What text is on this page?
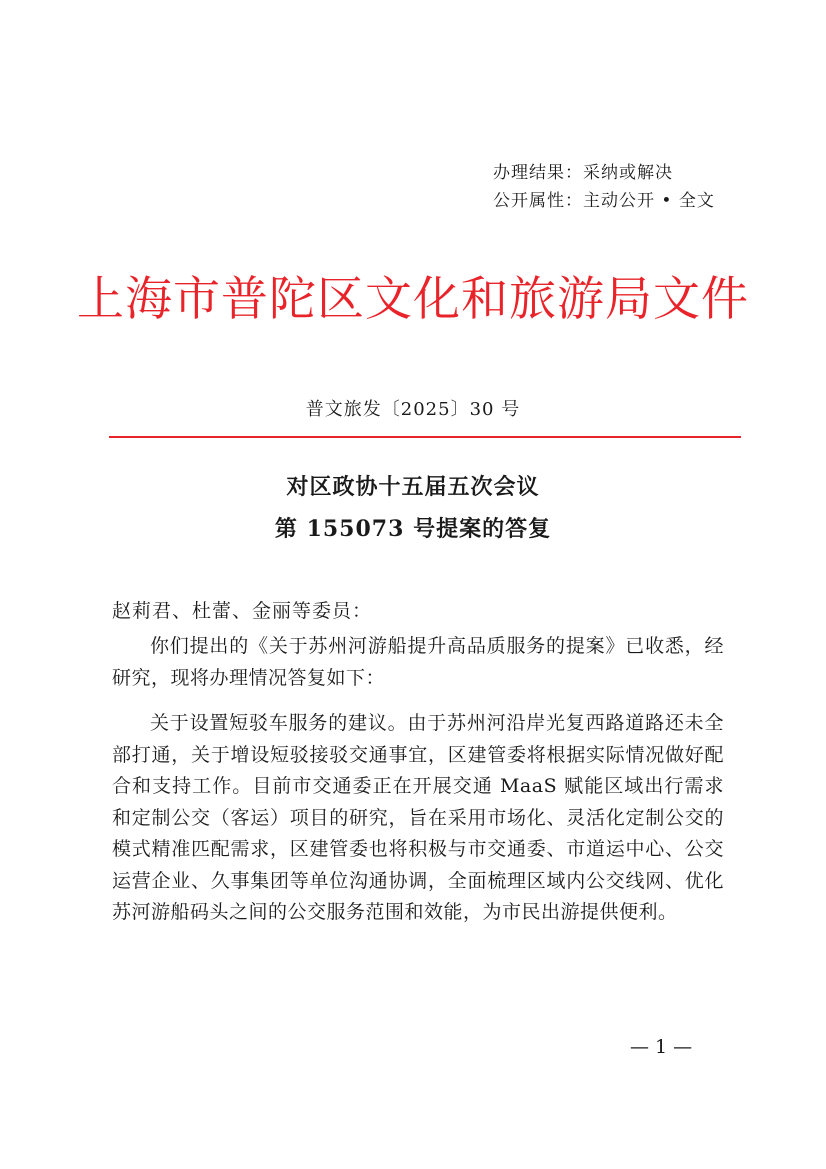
办理结果：采纳或解决
公开属性：主动公开 • 全文
上海市普陀区文化和旅游局文件
普文旅发〔2025〕30 号
对区政协十五届五次会议
第 155073 号提案的答复
赵莉君、杜蕾、金丽等委员：

你们提出的《关于苏州河游船提升高品质服务的提案》已收悉，经研究，现将办理情况答复如下：

关于设置短驳车服务的建议。由于苏州河沿岸光复西路道路还未全部打通，关于增设短驳接驳交通事宜，区建管委将根据实际情况做好配合和支持工作。目前市交通委正在开展交通 MaaS 赋能区域出行需求和定制公交（客运）项目的研究，旨在采用市场化、灵活化定制公交的模式精准匹配需求，区建管委也将积极与市交通委、市道运中心、公交运营企业、久事集团等单位沟通协调，全面梳理区域内公交线网、优化苏河游船码头之间的公交服务范围和效能，为市民出游提供便利。

— 1 —
